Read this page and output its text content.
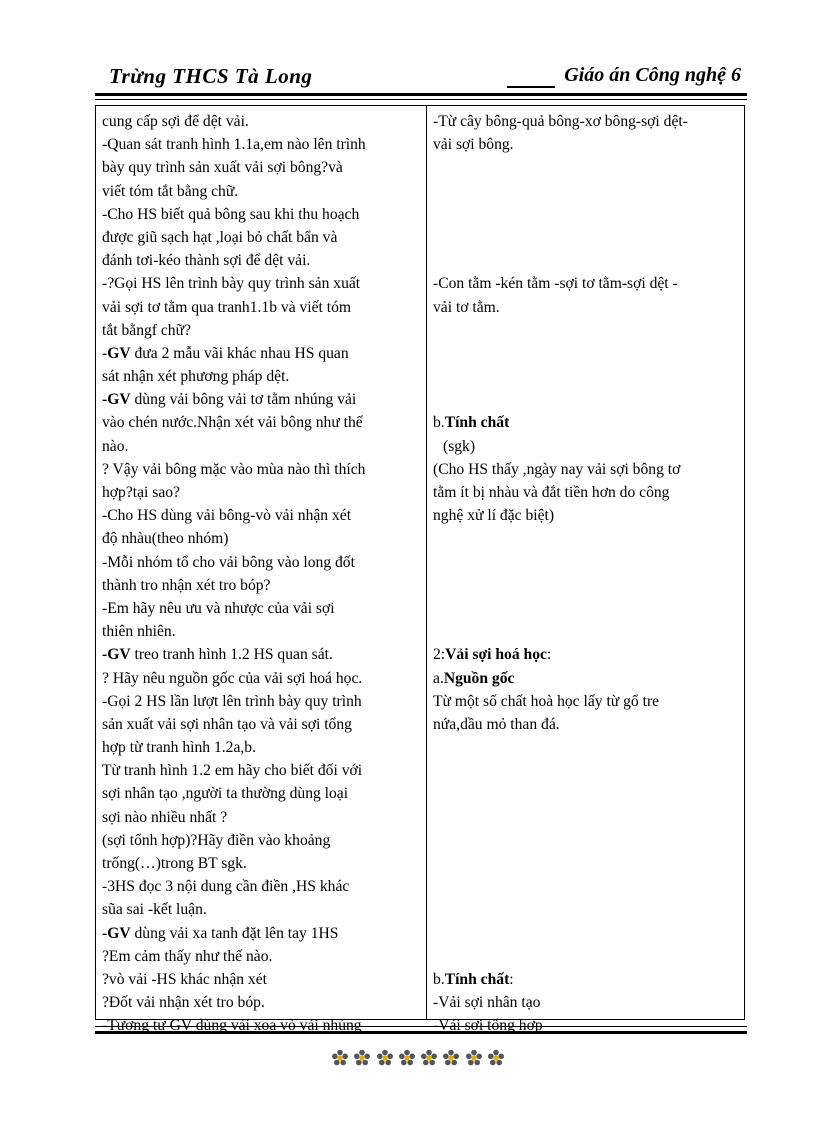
Trừng THCS Tà Long	Giáo án Công nghệ 6
cung cấp sợi để dệt vải.
-Quan sát tranh hình 1.1a,em nào lên trình
bày quy trình sản xuất vải sợi bông?và
viết tóm tắt bằng chữ.
-Cho HS biết quả bông sau khi thu hoạch
được giũ sạch hạt ,loại bỏ chất bẩn và
đánh tơi-kéo thành sợi để dệt vải.
-?Gọi HS lên trình bày quy trình sản xuất
vải sợi tơ tằm qua tranh1.1b và viết tóm
tắt bằngf chữ?
-GV đưa 2 mẫu vãi khác nhau HS quan
sát nhận xét phương pháp dệt.
-GV dùng vải bông vải tơ tằm nhúng vải
vào chén nước.Nhận xét vải bông như thế
nào.
? Vậy vải bông mặc vào mùa nào thì thích
hợp?tại sao?
-Cho HS dùng vải bông-vò vải nhận xét
độ nhàu(theo nhóm)
-Mỗi nhóm tổ cho vải bông vào long đốt
thành tro nhận xét tro bóp?
-Em hãy nêu ưu và nhược của vải sợi
thiên nhiên.
-GV treo tranh hình 1.2 HS quan sát.
? Hãy nêu nguồn gốc của vải sợi hoá học.
-Gọi 2 HS lần lượt lên trình bày quy trình
sản xuất vải sợi nhân tạo và vải sợi tổng
hợp từ tranh hình 1.2a,b.
Từ tranh hình 1.2 em hãy cho biết đối với
sợi nhân tạo ,người ta thường dùng loại
sợi nào nhiều nhất ?
(sợi tổnh hợp)?Hãy điền vào khoảng
trống(…)trong BT sgk.
-3HS đọc 3 nội dung cần điền ,HS khác
sũa sai -kết luận.
-GV dùng vải xa tanh đặt lên tay 1HS
?Em cảm thấy như thế nào.
?vò vải -HS khác nhận xét
?Đốt vải nhận xét tro bóp.
-Tương tự GV dùng vải xoa vò vải nhúng
-Từ cây bông-quả bông-xơ bông-sợi dệt-
vải sợi bông.
-Con tằm -kén tằm -sợi tơ tằm-sợi dệt -
vải tơ tằm.
b.Tính chất
(sgk)
(Cho HS thấy ,ngày nay vải sợi bông tơ
tằm ít bị nhàu và đắt tiền hơn do công
nghệ xử lí đặc biệt)
2:Vải sợi hoá học:
a.Nguồn gốc
Từ một số chất hoà học lấy từ gổ tre
nứa,dầu mỏ than đá.
b.Tính chất:
-Vải sợi nhân tạo
-Vải sợi tổng hợp
